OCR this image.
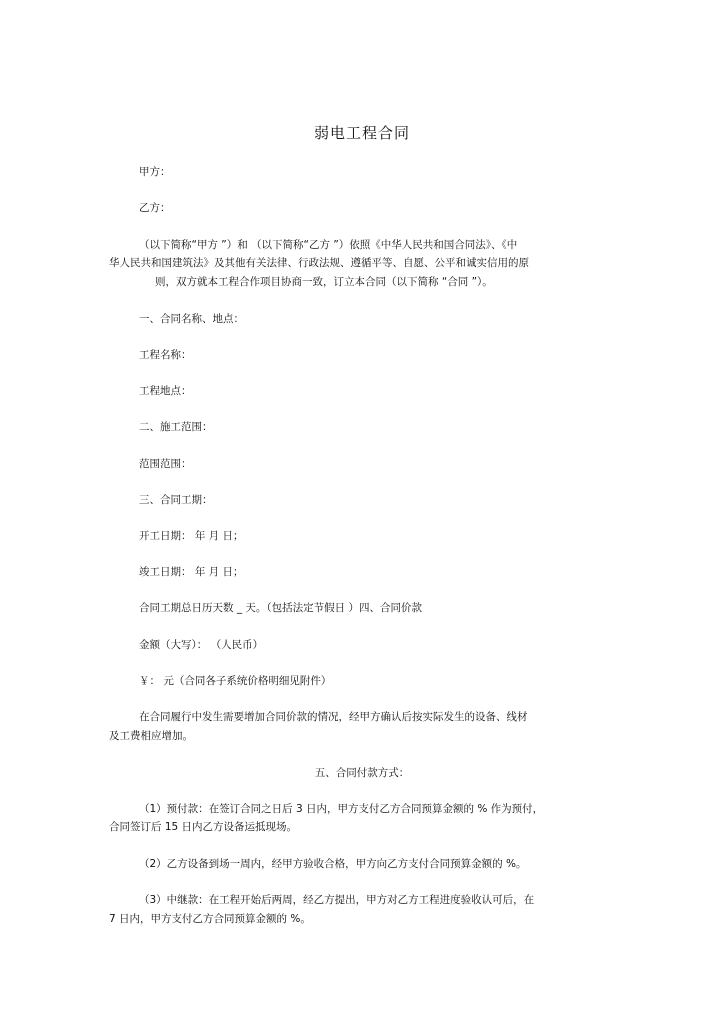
弱电工程合同
甲方：
乙方：
（以下简称“甲方 ”）和 （以下简称“乙方 ”）依照《中华人民共和国合同法》、《中
华人民共和国建筑法》及其他有关法律、行政法规、遵循平等、自愿、公平和诚实信用的原
则，双方就本工程合作项目协商一致，订立本合同（以下简称 “合同 ”）。
一、合同名称、地点：
工程名称：
工程地点：
二、施工范围：
范围范围：
三、合同工期：
开工日期： 年 月 日；
竣工日期： 年 月 日；
合同工期总日历天数 _ 天。（包括法定节假日 ）四、合同价款
金额（大写）： （人民币）
￥： 元（合同各子系统价格明细见附件）
在合同履行中发生需要增加合同价款的情况，经甲方确认后按实际发生的设备、线材
及工费相应增加。
五、合同付款方式：
（1）预付款：在签订合同之日后 3 日内，甲方支付乙方合同预算金额的 % 作为预付，
合同签订后 15 日内乙方设备运抵现场。
（2）乙方设备到场一周内，经甲方验收合格，甲方向乙方支付合同预算金额的 %。
（3）中继款：在工程开始后两周，经乙方提出，甲方对乙方工程进度验收认可后，在
7 日内，甲方支付乙方合同预算金额的 %。
